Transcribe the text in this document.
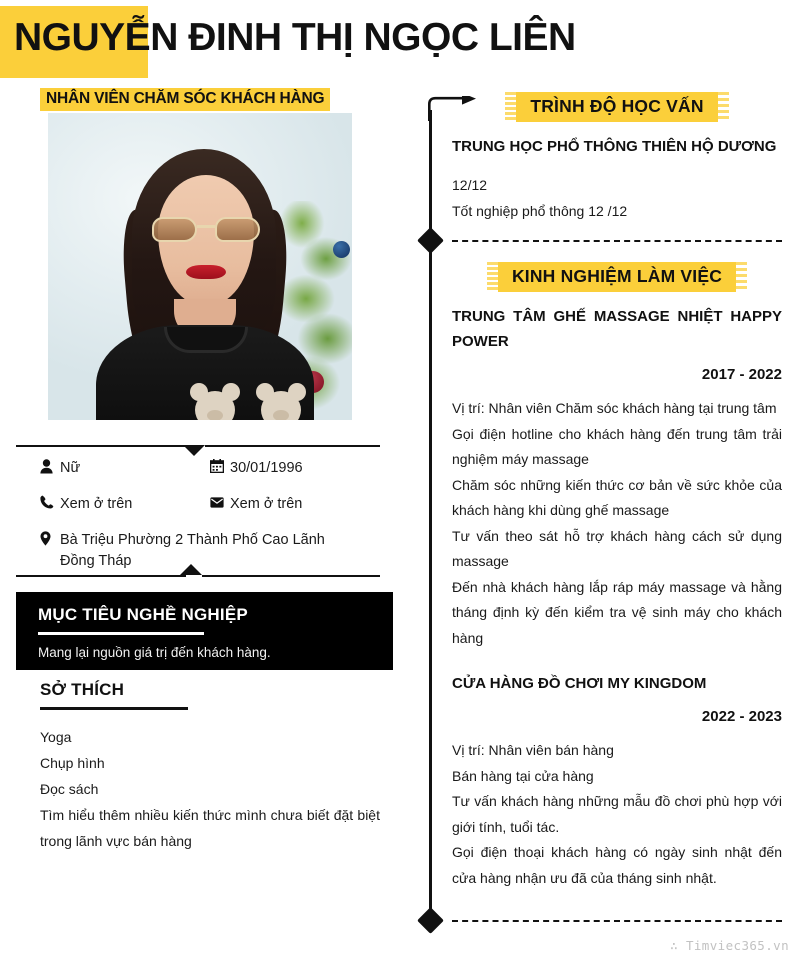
NGUYỄN ĐINH THỊ NGỌC LIÊN
NHÂN VIÊN CHĂM SÓC KHÁCH HÀNG
Nữ	30/01/1996
Xem ở trên	Xem ở trên
Bà Triệu Phường 2 Thành Phố Cao Lãnh
Đồng Tháp
MỤC TIÊU NGHỀ NGHIỆP
Mang lại nguồn giá trị đến khách hàng.
SỞ THÍCH
Yoga
Chụp hình
Đọc sách
Tìm hiểu thêm nhiều kiến thức mình chưa biết đặt biệt trong lãnh vực bán hàng
TRÌNH ĐỘ HỌC VẤN
TRUNG HỌC PHỔ THÔNG THIÊN HỘ DƯƠNG
12/12
Tốt nghiệp phổ thông 12 /12
KINH NGHIỆM LÀM VIỆC
TRUNG TÂM GHẾ MASSAGE NHIỆT HAPPY POWER
2017 - 2022
Vị trí: Nhân viên Chăm sóc khách hàng tại trung tâm
Gọi điện hotline cho khách hàng đến trung tâm trải nghiệm máy massage
Chăm sóc những kiến thức cơ bản về sức khỏe của khách hàng khi dùng ghế massage
Tư vấn theo sát hỗ trợ khách hàng cách sử dụng massage
Đến nhà khách hàng lắp ráp máy massage và hằng tháng định kỳ đến kiểm tra vệ sinh máy cho khách hàng
CỬA HÀNG ĐỒ CHƠI MY KINGDOM
2022 - 2023
Vị trí: Nhân viên bán hàng
Bán hàng tại cửa hàng
Tư vấn khách hàng những mẫu đồ chơi phù hợp với giới tính, tuổi tác.
Gọi điện thoại khách hàng có ngày sinh nhật đến cửa hàng nhận ưu đã của tháng sinh nhật.
∴ Timviec365.vn
